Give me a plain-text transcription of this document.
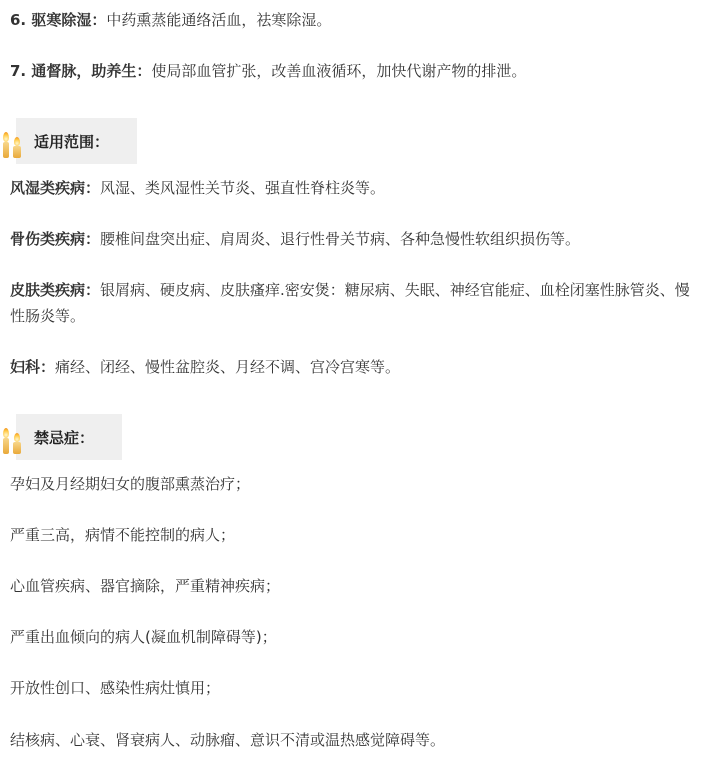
6. 驱寒除湿：中药熏蒸能通络活血，祛寒除湿。

7. 通督脉，助养生：使局部血管扩张，改善血液循环，加快代谢产物的排泄。

适用范围：

风湿类疾病：风湿、类风湿性关节炎、强直性脊柱炎等。

骨伤类疾病：腰椎间盘突出症、肩周炎、退行性骨关节病、各种急慢性软组织损伤等。

皮肤类疾病：银屑病、硬皮病、皮肤瘙痒.密安煲：糖尿病、失眠、神经官能症、血栓闭塞性脉管炎、慢性肠炎等。

妇科：痛经、闭经、慢性盆腔炎、月经不调、宫冷宫寒等。

禁忌症：

孕妇及月经期妇女的腹部熏蒸治疗；

严重三高，病情不能控制的病人；

心血管疾病、器官摘除，严重精神疾病；

严重出血倾向的病人(凝血机制障碍等)；

开放性创口、感染性病灶慎用；

结核病、心衰、肾衰病人、动脉瘤、意识不清或温热感觉障碍等。
